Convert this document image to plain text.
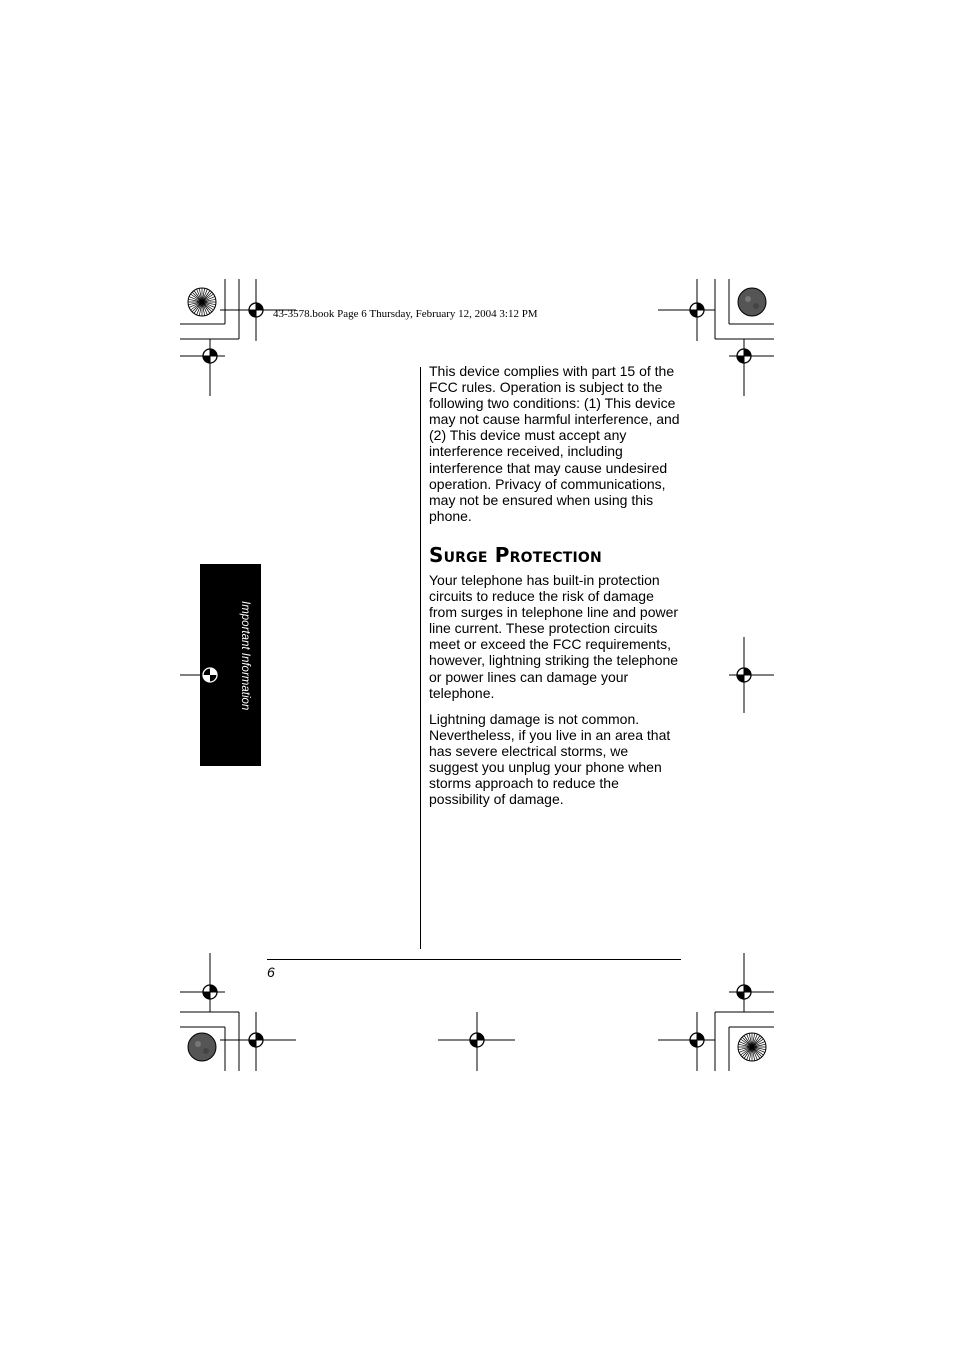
43-3578.book Page 6 Thursday, February 12, 2004 3:12 PM
Important Information

This device complies with part 15 of the FCC rules. Operation is subject to the following two conditions: (1) This device may not cause harmful interference, and (2) This device must accept any interference received, including interference that may cause undesired operation. Privacy of communications, may not be ensured when using this phone.

Surge Protection

Your telephone has built-in protection circuits to reduce the risk of damage from surges in telephone line and power line current. These protection circuits meet or exceed the FCC requirements, however, lightning striking the telephone or power lines can damage your telephone.

Lightning damage is not common. Nevertheless, if you live in an area that has severe electrical storms, we suggest you unplug your phone when storms approach to reduce the possibility of damage.

6
